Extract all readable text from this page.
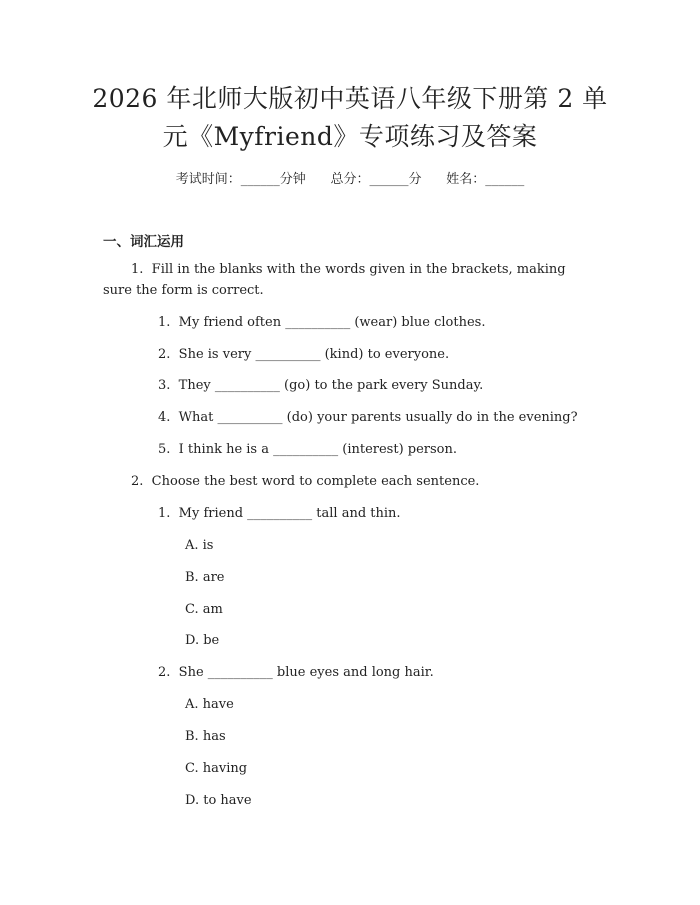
2026 年北师大版初中英语八年级下册第 2 单
元《Myfriend》专项练习及答案
考试时间：______分钟      总分：______分      姓名：______
一、词汇运用
1.  Fill in the blanks with the words given in the brackets, making
sure the form is correct.
1.  My friend often __________ (wear) blue clothes.
2.  She is very __________ (kind) to everyone.
3.  They __________ (go) to the park every Sunday.
4.  What __________ (do) your parents usually do in the evening?
5.  I think he is a __________ (interest) person.
2.  Choose the best word to complete each sentence.
1.  My friend __________ tall and thin.
A. is
B. are
C. am
D. be
2.  She __________ blue eyes and long hair.
A. have
B. has
C. having
D. to have
